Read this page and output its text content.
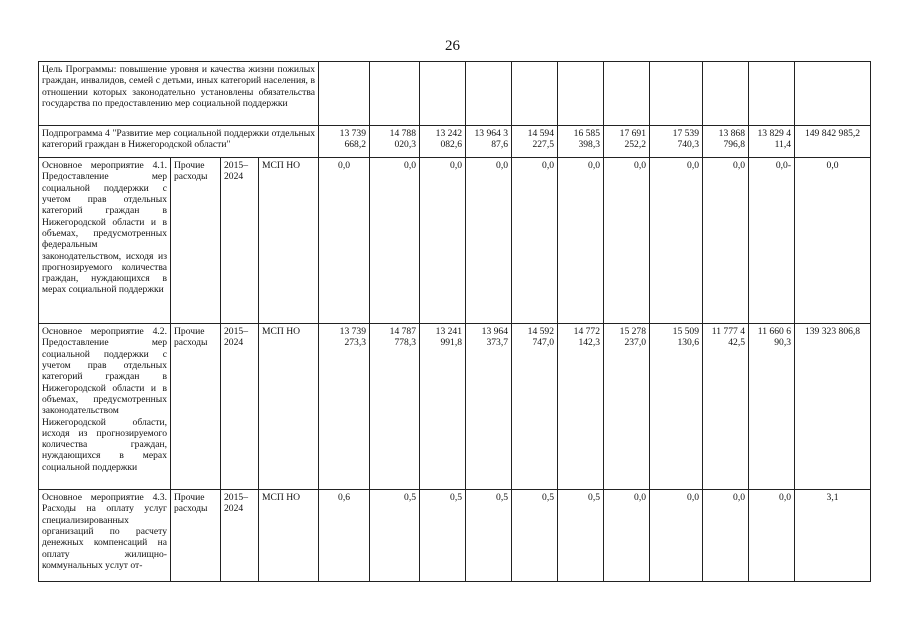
26
Цель Программы: повышение уровня и качества жизни пожилых граждан, инвалидов, семей с детьми, иных категорий населения, в отношении которых законодательно установлены обязательства государства по предоставлению мер социальной поддержки														
Подпрограмма 4 "Развитие мер социальной поддержки отдельных категорий граждан в Нижегородской области"				13 739 668,2	14 788 020,3	13 242 082,6	13 964 3 87,6	14 594 227,5	16 585 398,3	17 691 252,2	17 539 740,3	13 868 796,8	13 829 4 11,4	149 842 985,2
Основное мероприятие 4.1. Предоставление мер социальной поддержки с учетом прав отдельных категорий граждан в Нижегородской области и в объемах, предусмотренных федеральным законодательством, исходя из прогнозируемого количества граждан, нуждающихся в мерах социальной поддержки	Прочие расходы	2015– 2024	МСП НО	0,0	0,0	0,0	0,0	0,0	0,0	0,0	0,0	0,0	0,0-	0,0
Основное мероприятие 4.2. Предоставление мер социальной поддержки с учетом прав отдельных категорий граждан в Нижегородской области и в объемах, предусмотренных законодательством Нижегородской области, исходя из прогнозируемого количества граждан, нуждающихся в мерах социальной поддержки	Прочие расходы	2015– 2024	МСП НО	13 739 273,3	14 787 778,3	13 241 991,8	13 964 373,7	14 592 747,0	14 772 142,3	15 278 237,0	15 509 130,6	11 777 4 42,5	11 660 6 90,3	139 323 806,8
Основное мероприятие 4.3. Расходы на оплату услуг специализированных организаций по расчету денежных компенсаций на оплату жилищно-коммунальных услут от-	Прочие расходы	2015– 2024	МСП НО	0,6	0,5	0,5	0,5	0,5	0,5	0,0	0,0	0,0	0,0	3,1
